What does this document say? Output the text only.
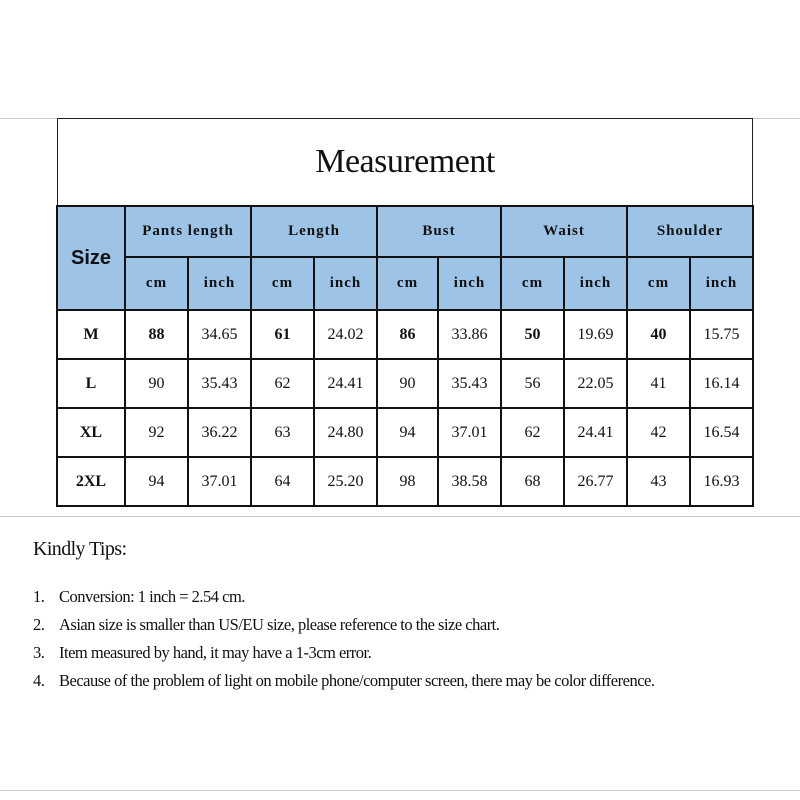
Measurement
Size	Pants length		Length		Bust		Waist		Shoulder	
	cm	inch	cm	inch	cm	inch	cm	inch	cm	inch
M	88	34.65	61	24.02	86	33.86	50	19.69	40	15.75
L	90	35.43	62	24.41	90	35.43	56	22.05	41	16.14
XL	92	36.22	63	24.80	94	37.01	62	24.41	42	16.54
2XL	94	37.01	64	25.20	98	38.58	68	26.77	43	16.93
Kindly Tips:
1. Conversion: 1 inch = 2.54 cm.
2. Asian size is smaller than US/EU size, please reference to the size chart.
3. Item measured by hand, it may have a 1-3cm error.
4. Because of the problem of light on mobile phone/computer screen, there may be color difference.
